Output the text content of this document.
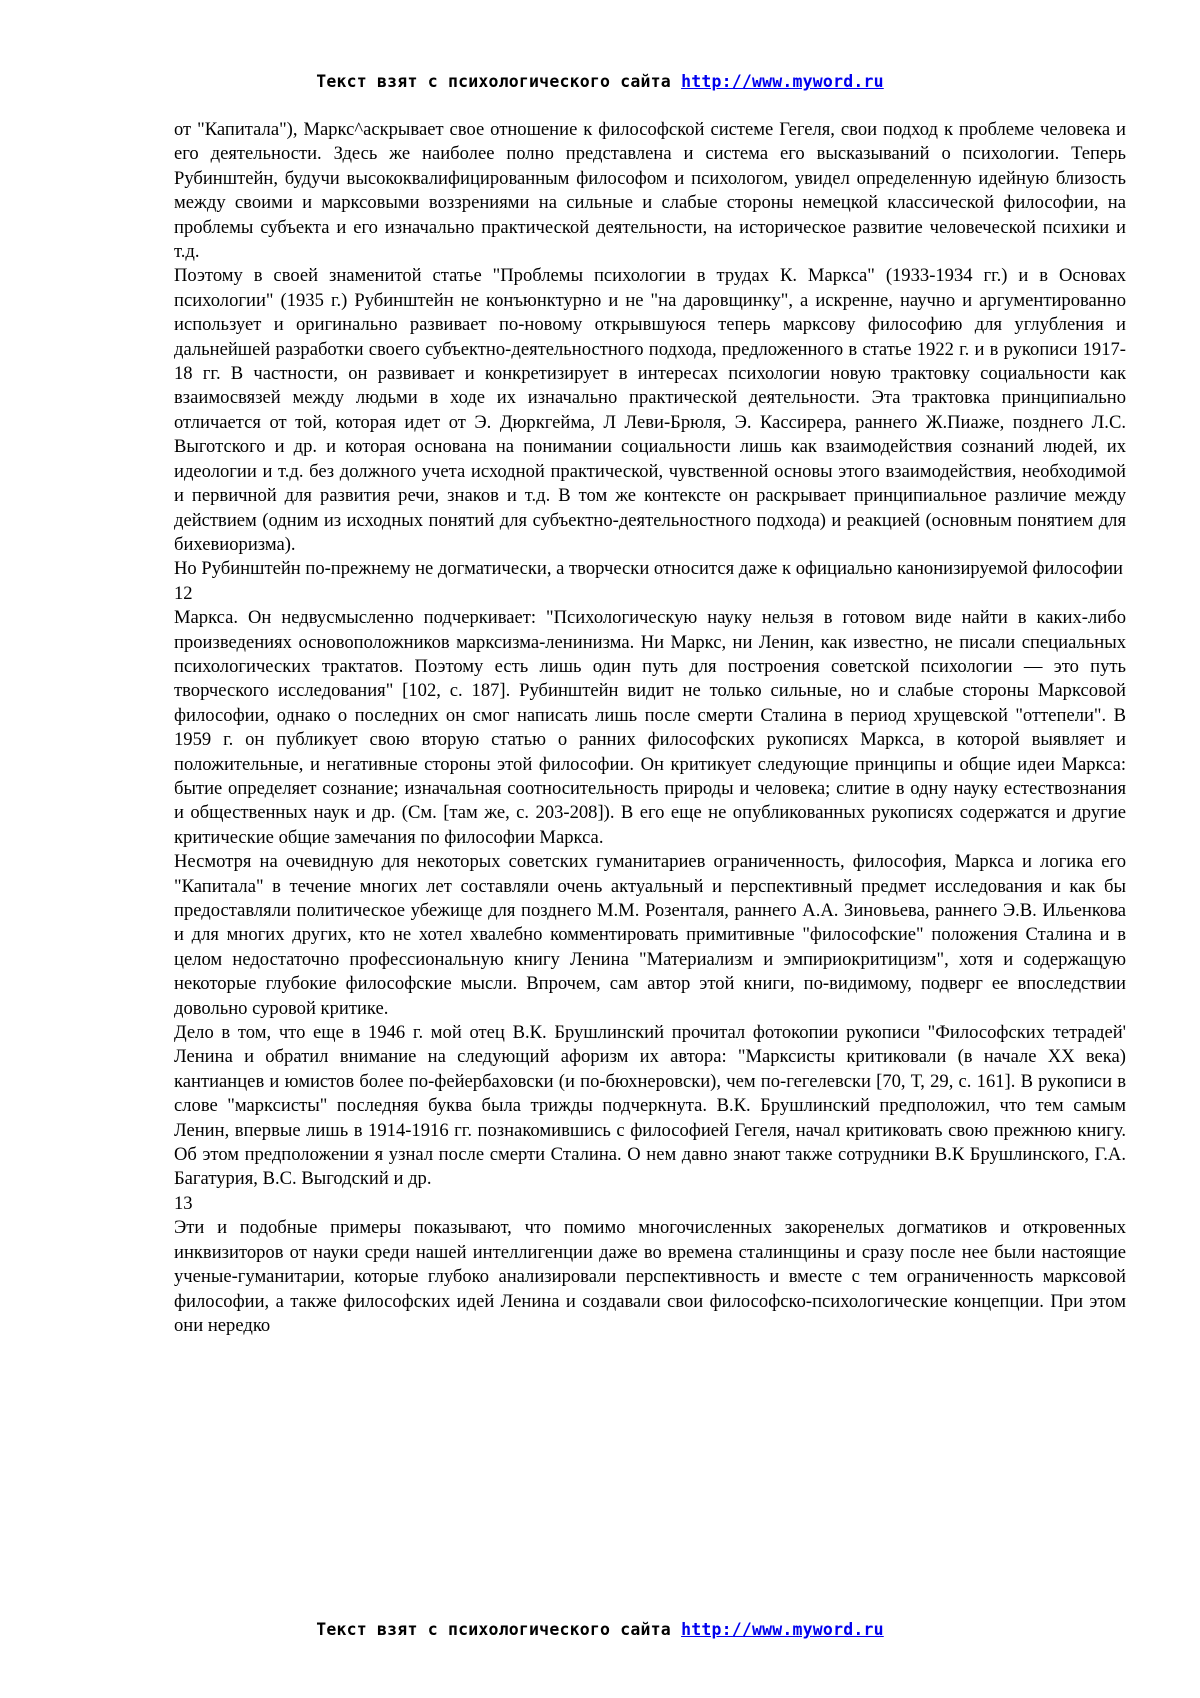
Текст взят с психологического сайта http://www.myword.ru

от "Капитала"), Маркс^аскрывает свое отношение к философской системе Гегеля, свои подход к проблеме человека и его деятельности. Здесь же наиболее полно представлена и система его высказываний о психологии. Теперь Рубинштейн, будучи высококвалифицированным философом и психологом, увидел определенную идейную близость между своими и марксовыми воззрениями на сильные и слабые стороны немецкой классической философии, на проблемы субъекта и его изначально практической деятельности, на историческое развитие человеческой психики и т.д.

Поэтому в своей знаменитой статье "Проблемы психологии в трудах К. Маркса" (1933-1934 гг.) и в Основах психологии" (1935 г.) Рубинштейн не конъюнктурно и не "на даровщинку", а искренне, научно и аргументированно использует и оригинально развивает по-новому открывшуюся теперь марксову философию для углубления и дальнейшей разработки своего субъектно-деятельностного подхода, предложенного в статье 1922 г. и в рукописи 1917-18 гг. В частности, он развивает и конкретизирует в интересах психологии новую трактовку социальности как взаимосвязей между людьми в ходе их изначально практической деятельности. Эта трактовка принципиально отличается от той, которая идет от Э. Дюркгейма, Л Леви-Брюля, Э. Кассирера, раннего Ж.Пиаже, позднего Л.С. Выготского и др. и которая основана на понимании социальности лишь как взаимодействия сознаний людей, их идеологии и т.д. без должного учета исходной практической, чувственной основы этого взаимодействия, необходимой и первичной для развития речи, знаков и т.д. В том же контексте он раскрывает принципиальное различие между действием (одним из исходных понятий для субъектно-деятельностного подхода) и реакцией (основным понятием для бихевиоризма).

Но Рубинштейн по-прежнему не догматически, а творчески относится даже к официально канонизируемой философии

12

Маркса. Он недвусмысленно подчеркивает: "Психологическую науку нельзя в готовом виде найти в каких-либо произведениях основоположников марксизма-ленинизма. Ни Маркс, ни Ленин, как известно, не писали специальных психологических трактатов. Поэтому есть лишь один путь для построения советской психологии — это путь творческого исследования" [102, с. 187]. Рубинштейн видит не только сильные, но и слабые стороны Марксовой философии, однако о последних он смог написать лишь после смерти Сталина в период хрущевской "оттепели". В 1959 г. он публикует свою вторую статью о ранних философских рукописях Маркса, в которой выявляет и положительные, и негативные стороны этой философии. Он критикует следующие принципы и общие идеи Маркса: бытие определяет сознание; изначальная соотносительность природы и человека; слитие в одну науку естествознания и общественных наук и др. (См. [там же, с. 203-208]). В его еще не опубликованных рукописях содержатся и другие критические общие замечания по философии Маркса.

Несмотря на очевидную для некоторых советских гуманитариев ограниченность, философия, Маркса и логика его "Капитала" в течение многих лет составляли очень актуальный и перспективный предмет исследования и как бы предоставляли политическое убежище для позднего М.М. Розенталя, раннего А.А. Зиновьева, раннего Э.В. Ильенкова и для многих других, кто не хотел хвалебно комментировать примитивные "философские" положения Сталина и в целом недостаточно профессиональную книгу Ленина "Материализм и эмпириокритицизм", хотя и содержащую некоторые глубокие философские мысли. Впрочем, сам автор этой книги, по-видимому, подверг ее впоследствии довольно суровой критике.

Дело в том, что еще в 1946 г. мой отец В.К. Брушлинский прочитал фотокопии рукописи "Философских тетрадей' Ленина и обратил внимание на следующий афоризм их автора: "Марксисты критиковали (в начале XX века) кантианцев и юмистов более по-фейербаховски (и по-бюхнеровски), чем по-гегелевски [70, Т, 29, с. 161]. В рукописи в слове "марксисты" последняя буква была трижды подчеркнута. В.К. Брушлинский предположил, что тем самым Ленин, впервые лишь в 1914-1916 гг. познакомившись с философией Гегеля, начал критиковать свою прежнюю книгу. Об этом предположении я узнал после смерти Сталина. О нем давно знают также сотрудники В.К Брушлинского, Г.А. Багатурия, В.С. Выгодский и др.

13

Эти и подобные примеры показывают, что помимо многочисленных закоренелых догматиков и откровенных инквизиторов от науки среди нашей интеллигенции даже во времена сталинщины и сразу после нее были настоящие ученые-гуманитарии, которые глубоко анализировали перспективность и вместе с тем ограниченность марксовой философии, а также философских идей Ленина и создавали свои философско-психологические концепции. При этом они нередко

Текст взят с психологического сайта http://www.myword.ru
